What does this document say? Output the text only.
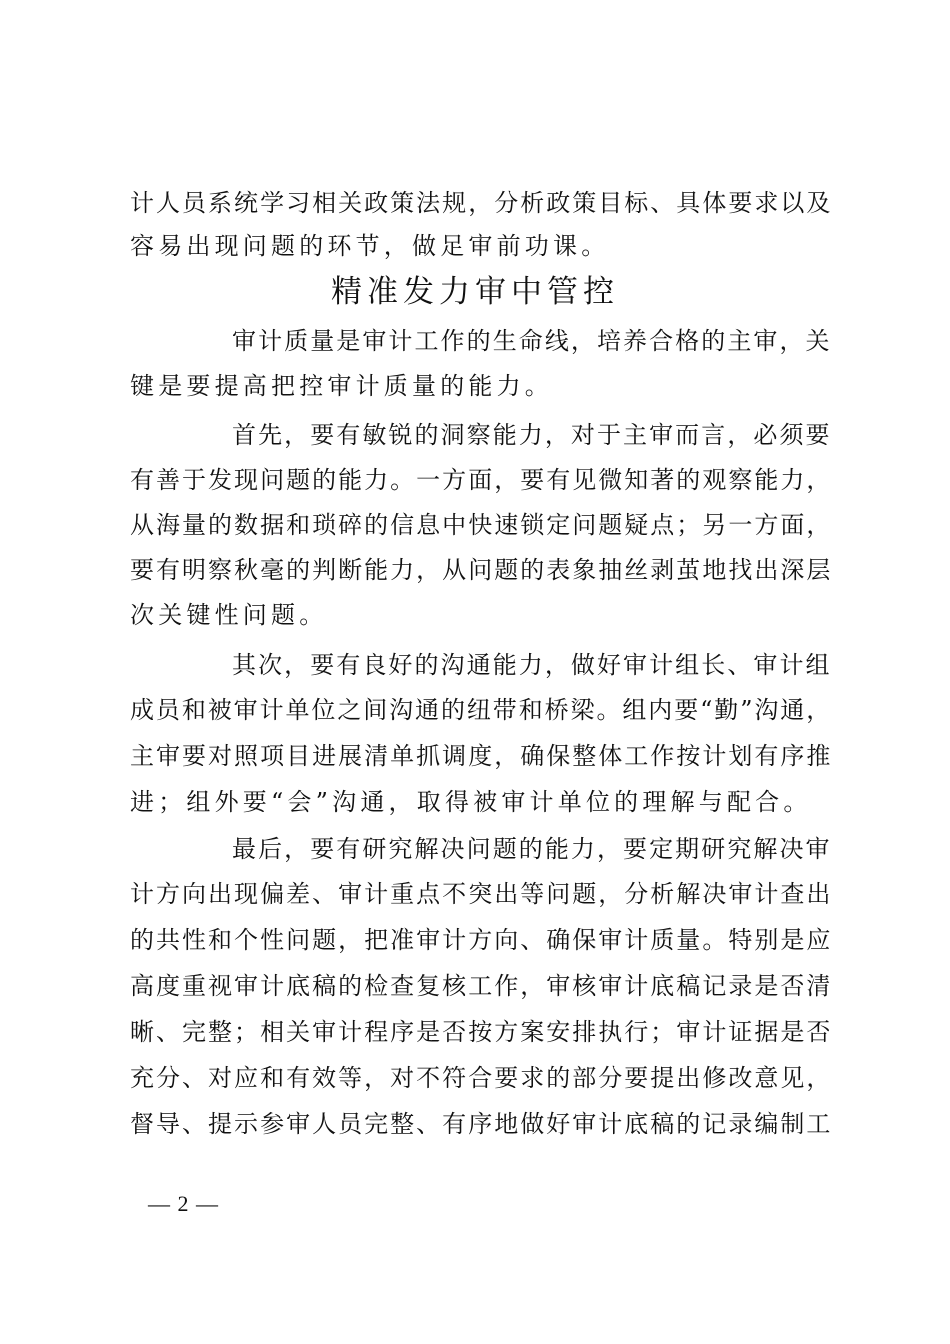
计人员系统学习相关政策法规，分析政策目标、具体要求以及
容易出现问题的环节，做足审前功课。
精准发力审中管控
审计质量是审计工作的生命线，培养合格的主审，关
键是要提高把控审计质量的能力。
首先，要有敏锐的洞察能力，对于主审而言，必须要
有善于发现问题的能力。一方面，要有见微知著的观察能力，
从海量的数据和琐碎的信息中快速锁定问题疑点；另一方面，
要有明察秋毫的判断能力，从问题的表象抽丝剥茧地找出深层
次关键性问题。
其次，要有良好的沟通能力，做好审计组长、审计组
成员和被审计单位之间沟通的纽带和桥梁。组内要“勤”沟通，
主审要对照项目进展清单抓调度，确保整体工作按计划有序推
进；组外要“会”沟通，取得被审计单位的理解与配合。
最后，要有研究解决问题的能力，要定期研究解决审
计方向出现偏差、审计重点不突出等问题，分析解决审计查出
的共性和个性问题，把准审计方向、确保审计质量。特别是应
高度重视审计底稿的检查复核工作，审核审计底稿记录是否清
晰、完整；相关审计程序是否按方案安排执行；审计证据是否
充分、对应和有效等，对不符合要求的部分要提出修改意见，
督导、提示参审人员完整、有序地做好审计底稿的记录编制工
— 2 —
